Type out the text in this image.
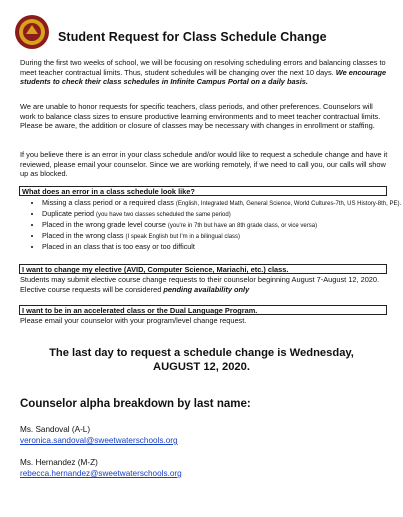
Student Request for Class Schedule Change
During the first two weeks of school, we will be focusing on resolving scheduling errors and balancing classes to meet teacher contractual limits. Thus, student schedules will be changing over the next 10 days. We encourage students to check their class schedules in Infinite Campus Portal on a daily basis.
We are unable to honor requests for specific teachers, class periods, and other preferences. Counselors will work to balance class sizes to ensure productive learning environments and to meet teacher contractual limits. Please be aware, the addition or closure of classes may be necessary with changes in enrollment or staffing.
If you believe there is an error in your class schedule and/or would like to request a schedule change and have it reviewed, please email your counselor. Since we are working remotely, if we need to call you, our calls will show up as blocked.
What does an error in a class schedule look like?
• Missing a class period or a required class (English, Integrated Math, General Science, World Cultures-7th, US History-8th, PE).
• Duplicate period (you have two classes scheduled the same period)
• Placed in the wrong grade level course (you're in 7th but have an 8th grade class, or vice versa)
• Placed in the wrong class (I speak English but I'm in a bilingual class)
• Placed in an class that is too easy or too difficult
I want to change my elective (AVID, Computer Science, Mariachi, etc.) class.
Students may submit elective course change requests to their counselor beginning August 7-August 12, 2020. Elective course requests will be considered pending availability only
I want to be in an accelerated class or the Dual Language Program.
Please email your counselor with your program/level change request.
The last day to request a schedule change is Wednesday,
AUGUST 12, 2020.
Counselor alpha breakdown by last name:
Ms. Sandoval (A-L)
veronica.sandoval@sweetwaterschools.org
Ms. Hernandez (M-Z)
rebecca.hernandez@sweetwaterschools.org
